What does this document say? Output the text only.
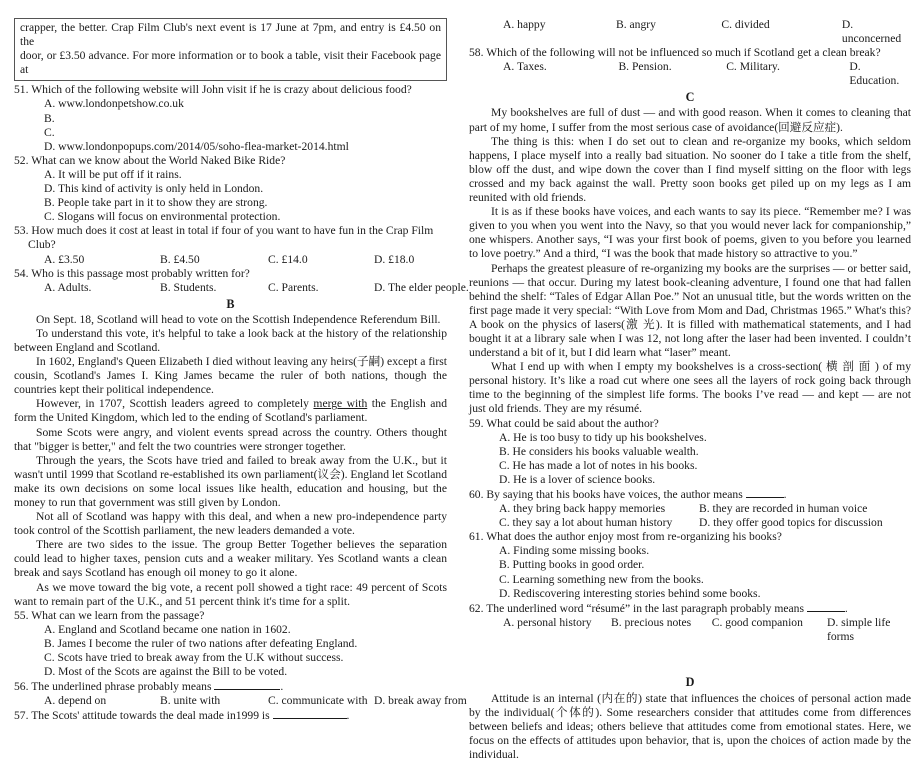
crapper, the better. Crap Film Club's next event is 17 June at 7pm, and entry is £4.50 on the

door, or £3.50 advance. For more information or to book a table, visit their Facebook page at

51. Which of the following website will John visit if he is crazy about delicious food?

A. www.londonpetshow.co.uk

B.

C.

D. www.londonpopups.com/2014/05/soho-flea-market-2014.html

52. What can we know about the World Naked Bike Ride?

A. It will be put off if it rains.

D. This kind of activity is only held in London.

B. People take part in it to show they are strong.

C. Slogans will focus on environmental protection.

53. How much does it cost at least in total if four of you want to have fun in the Crap Film Club?

A. £3.50	B. £4.50	C. £14.0	D. £18.0

54. Who is this passage most probably written for?

A. Adults.	B. Students.	C. Parents.	D. The elder people.
B

On Sept. 18, Scotland will head to vote on the Scottish Independence Referendum Bill.

To understand this vote, it's helpful to take a look back at the history of the relationship between England and Scotland.

In 1602, England's Queen Elizabeth I died without leaving any heirs(子嗣) except a first cousin, Scotland's James I. King James became the ruler of both nations, though the countries kept their political independence.

However, in 1707, Scottish leaders agreed to completely merge with the English and form the United Kingdom, which led to the ending of Scotland's parliament.

Some Scots were angry, and violent events spread across the country. Others thought that "bigger is better," and felt the two countries were stronger together.

Through the years, the Scots have tried and failed to break away from the U.K., but it wasn't until 1999 that Scotland re-established its own parliament(议会). England let Scotland make its own decisions on some local issues like health, education and housing, but the money to run that government was still given by London.

Not all of Scotland was happy with this deal, and when a new pro-independence party took control of the Scottish parliament, the new leaders demanded a vote.

There are two sides to the issue. The group Better Together believes the separation could lead to higher taxes, pension cuts and a weaker military. Yes Scotland wants a clean break and says Scotland has enough oil money to go it alone.

As we move toward the big vote, a recent poll showed a tight race: 49 percent of Scots want to remain part of the U.K., and 51 percent think it's time for a split.

55. What can we learn from the passage?

A. England and Scotland became one nation in 1602.

B. James I become the ruler of two nations after defeating England.

C. Scots have tried to break away from the U.K without success.

D. Most of the Scots are against the Bill to be voted.

56. The underlined phrase probably means	.

A. depend on	B. unite with	C. communicate with D. break away from

57. The Scots' attitude towards the deal made in1999 is	.

A. happy	B. angry	C. divided	D. unconcerned

58. Which of the following will not be influenced so much if Scotland get a clean break?

A. Taxes.	B. Pension.	C. Military.	D. Education.
C

My bookshelves are full of dust — and with good reason. When it comes to cleaning that part of my home, I suffer from the most serious case of avoidance(回避反应症).

The thing is this: when I do set out to clean and re-organize my books, which seldom happens, I place myself into a really bad situation. No sooner do I take a title from the shelf, blow off the dust, and wipe down the cover than I find myself sitting on the floor with legs crossed and my back against the wall. Pretty soon books get piled up on my legs as I am reunited with old friends.

It is as if these books have voices, and each wants to say its piece. “Remember me? I was given to you when you went into the Navy, so that you would never lack for companionship,” one whispers. Another says, “I was your first book of poems, given to you before you learned to love poetry.” And a third, “I was the book that made history so attractive to you.”

Perhaps the greatest pleasure of re-organizing my books are the surprises — or better said, reunions — that occur. During my latest book-cleaning adventure, I found one that had fallen behind the shelf: “Tales of Edgar Allan Poe.” Not an unusual title, but the words written on the first page made it very special: “With Love from Mom and Dad, Christmas 1965.” What's this? A book on the physics of lasers(激 光). It is filled with mathematical statements, and I had bought it at a library sale when I was 12, not long after the laser had been invented. I couldn’t understand a bit of it, but I did learn what “laser” meant.

What I end up with when I empty my bookshelves is a cross-section( 横 剖 面 ) of my personal history. It’s like a road cut where one sees all the layers of rock going back through time to the beginning of the simplest life forms. The books I’ve read — and kept — are not just old friends. They are my résumé.

59. What could be said about the author?

A. He is too busy to tidy up his bookshelves.

B. He considers his books valuable wealth.

C. He has made a lot of notes in his books.

D. He is a lover of science books.

60. By saying that his books have voices, the author means	.

A. they bring back happy memories	B. they are recorded in human voice
C. they say a lot about human history	D. they offer good topics for discussion

61. What does the author enjoy most from re-organizing his books?

A. Finding some missing books.

B. Putting books in good order.

C. Learning something new from the books.

D. Rediscovering interesting stories behind some books.

62. The underlined word “résumé” in the last paragraph probably means	.

A. personal history	B. precious notes	C. good companion	D. simple life forms
D

Attitude is an internal (内在的) state that influences the choices of personal action made by the individual(个体的). Some researchers consider that attitudes come from differences between beliefs and ideas; others believe that attitudes come from emotional states. Here, we focus on the effects of attitudes upon behavior, that is, upon the choices of action made by the individual.
